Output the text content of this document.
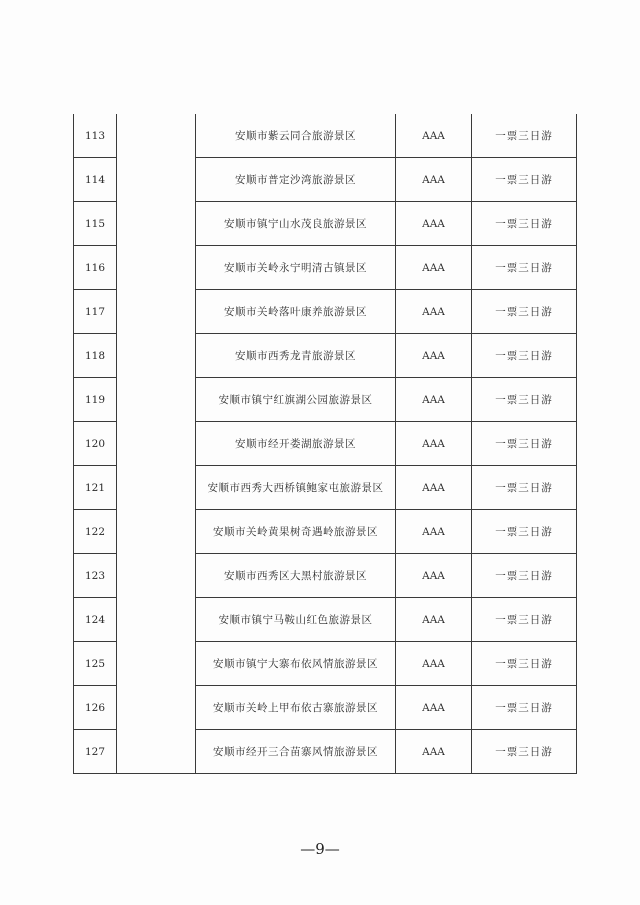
113		安顺市紫云同合旅游景区	AAA	一票三日游
114		安顺市普定沙湾旅游景区	AAA	一票三日游
115		安顺市镇宁山水茂良旅游景区	AAA	一票三日游
116		安顺市关岭永宁明清古镇景区	AAA	一票三日游
117		安顺市关岭落叶康养旅游景区	AAA	一票三日游
118		安顺市西秀龙青旅游景区	AAA	一票三日游
119		安顺市镇宁红旗湖公园旅游景区	AAA	一票三日游
120		安顺市经开娄湖旅游景区	AAA	一票三日游
121		安顺市西秀大西桥镇鲍家屯旅游景区	AAA	一票三日游
122		安顺市关岭黄果树奇遇岭旅游景区	AAA	一票三日游
123		安顺市西秀区大黑村旅游景区	AAA	一票三日游
124		安顺市镇宁马鞍山红色旅游景区	AAA	一票三日游
125		安顺市镇宁大寨布依风情旅游景区	AAA	一票三日游
126		安顺市关岭上甲布依古寨旅游景区	AAA	一票三日游
127		安顺市经开三合苗寨风情旅游景区	AAA	一票三日游
—9—
